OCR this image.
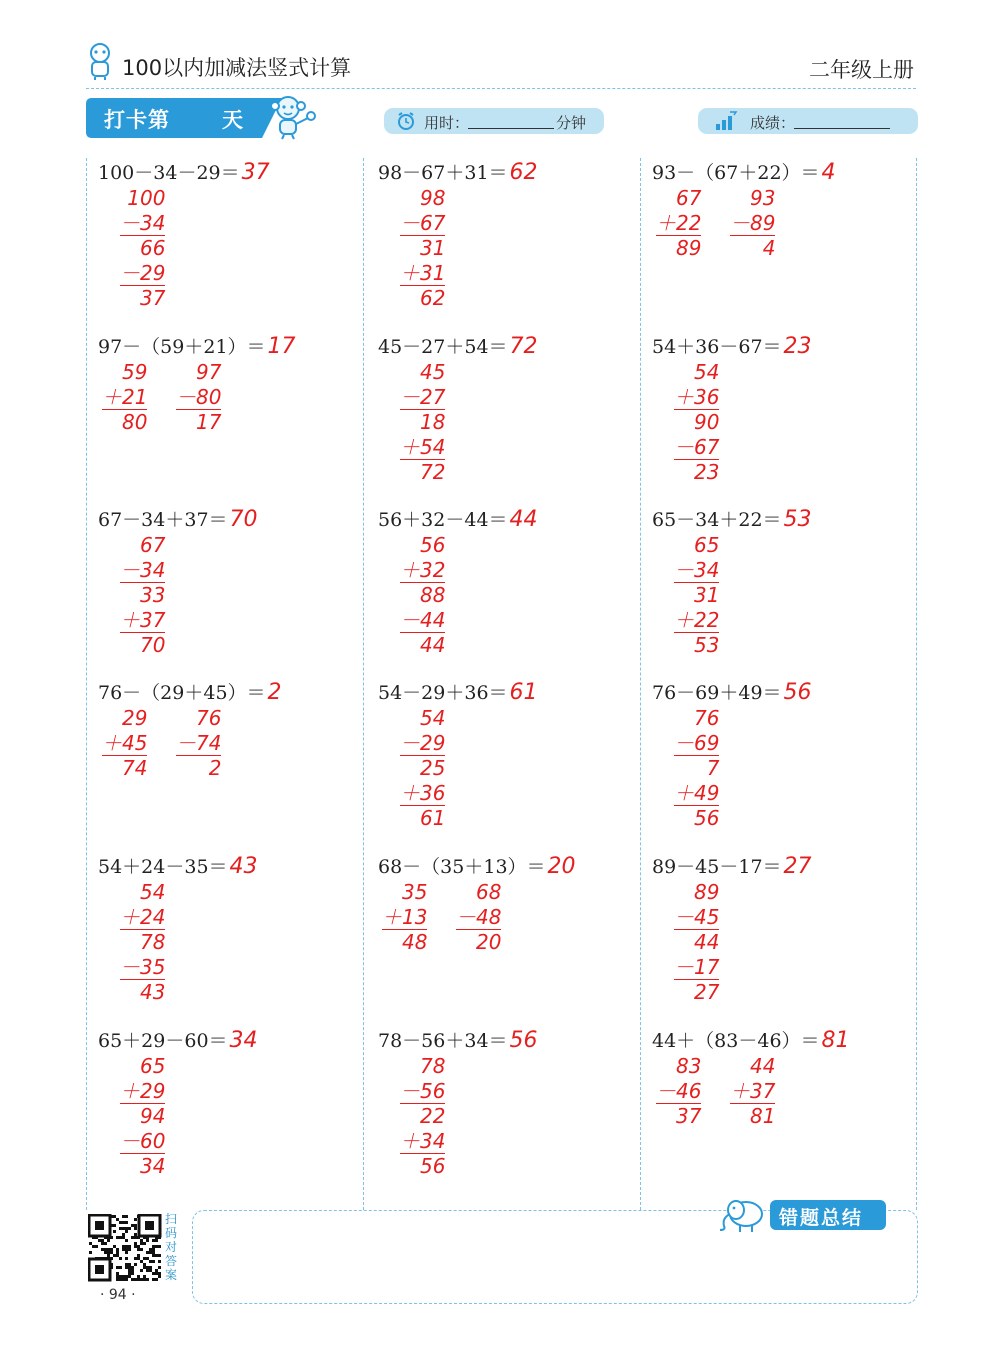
100以内加减法竖式计算	二年级上册
打卡第 天	用时：	分钟	成绩：
100－34－29＝37
100
－34
66
－29
37
98－67＋31＝62
98
－67
31
＋31
62
93－（67＋22）＝4
67
＋22
89
93
－89
4
97－（59＋21）＝17
59
＋21
80
97
－80
17
45－27＋54＝72
45
－27
18
＋54
72
54＋36－67＝23
54
＋36
90
－67
23
67－34＋37＝70
67
－34
33
＋37
70
56＋32－44＝44
56
＋32
88
－44
44
65－34＋22＝53
65
－34
31
＋22
53
76－（29＋45）＝2
29
＋45
74
76
－74
2
54－29＋36＝61
54
－29
25
＋36
61
76－69＋49＝56
76
－69
7
＋49
56
54＋24－35＝43
54
＋24
78
－35
43
68－（35＋13）＝20
35
＋13
48
68
－48
20
89－45－17＝27
89
－45
44
－17
27
65＋29－60＝34
65
＋29
94
－60
34
78－56＋34＝56
78
－56
22
＋34
56
44＋（83－46）＝81
83
－46
37
44
＋37
81
扫码对答案
· 94 ·
错题总结
